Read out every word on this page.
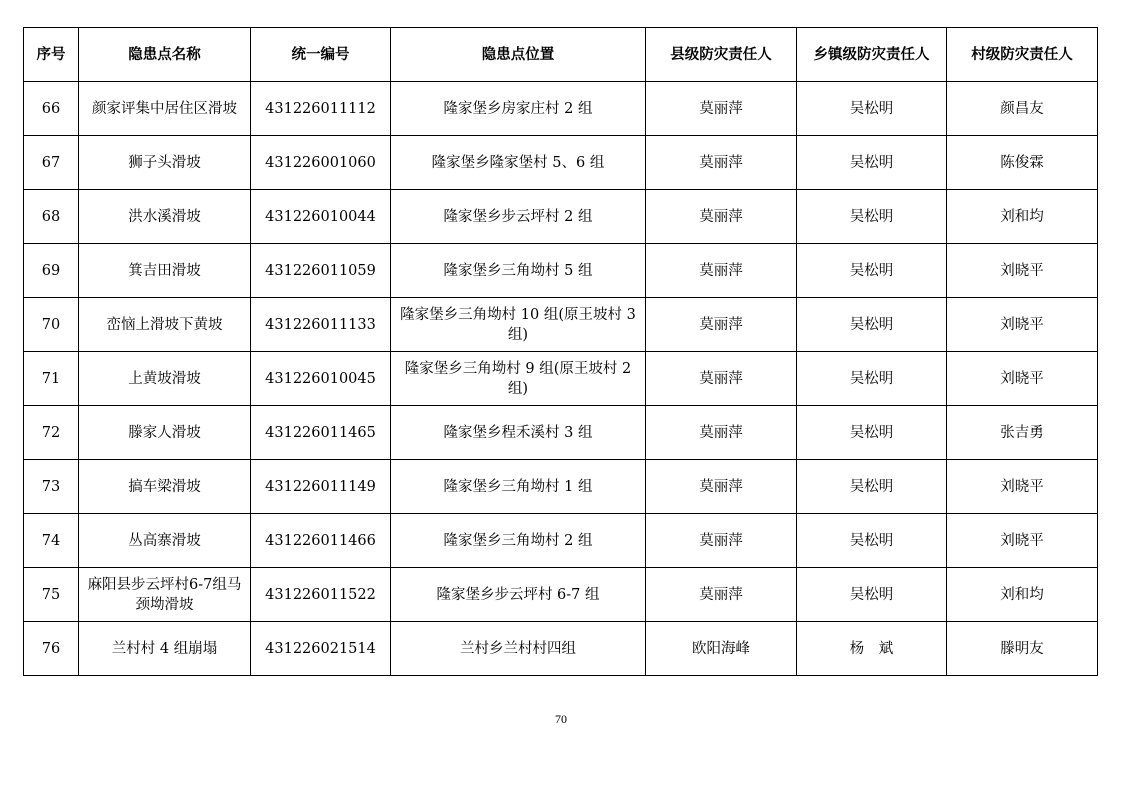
序号	隐患点名称	统一编号	隐患点位置	县级防灾责任人	乡镇级防灾责任人	村级防灾责任人
66	颜家评集中居住区滑坡	431226011112	隆家堡乡房家庄村 2 组	莫丽萍	吴松明	颜昌友
67	狮子头滑坡	431226001060	隆家堡乡隆家堡村 5、6 组	莫丽萍	吴松明	陈俊霖
68	洪水溪滑坡	431226010044	隆家堡乡步云坪村 2 组	莫丽萍	吴松明	刘和均
69	箕吉田滑坡	431226011059	隆家堡乡三角坳村 5 组	莫丽萍	吴松明	刘晓平
70	峦恼上滑坡下黄坡	431226011133	隆家堡乡三角坳村 10 组(原王坡村 3 组)	莫丽萍	吴松明	刘晓平
71	上黄坡滑坡	431226010045	隆家堡乡三角坳村 9 组(原王坡村 2 组)	莫丽萍	吴松明	刘晓平
72	滕家人滑坡	431226011465	隆家堡乡程禾溪村 3 组	莫丽萍	吴松明	张吉勇
73	搞车梁滑坡	431226011149	隆家堡乡三角坳村 1 组	莫丽萍	吴松明	刘晓平
74	丛高寨滑坡	431226011466	隆家堡乡三角坳村 2 组	莫丽萍	吴松明	刘晓平
75	麻阳县步云坪村6-7组马颈坳滑坡	431226011522	隆家堡乡步云坪村 6-7 组	莫丽萍	吴松明	刘和均
76	兰村村 4 组崩塌	431226021514	兰村乡兰村村四组	欧阳海峰	杨　斌	滕明友
70
